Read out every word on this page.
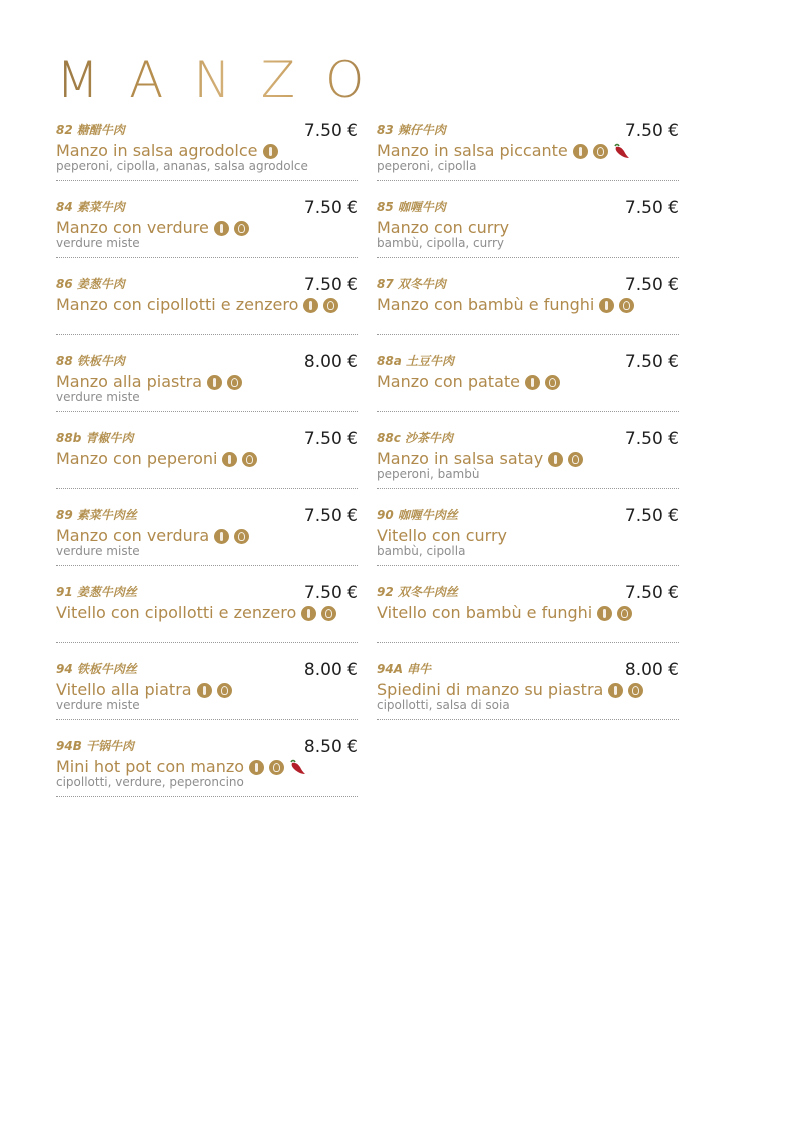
MANZO
82 糖醋牛肉	7.50 €
Manzo in salsa agrodolce
peperoni, cipolla, ananas, salsa agrodolce
84 素菜牛肉	7.50 €
Manzo con verdure
verdure miste
86 姜葱牛肉	7.50 €
Manzo con cipollotti e zenzero
88 铁板牛肉	8.00 €
Manzo alla piastra
verdure miste
88b 青椒牛肉	7.50 €
Manzo con peperoni
89 素菜牛肉丝	7.50 €
Manzo con verdura
verdure miste
91 姜葱牛肉丝	7.50 €
Vitello con cipollotti e zenzero
94 铁板牛肉丝	8.00 €
Vitello alla piatra
verdure miste
94B 干锅牛肉	8.50 €
Mini hot pot con manzo
cipollotti, verdure, peperoncino
83 辣仔牛肉	7.50 €
Manzo in salsa piccante
peperoni, cipolla
85 咖喱牛肉	7.50 €
Manzo con curry
bambù, cipolla, curry
87 双冬牛肉	7.50 €
Manzo con bambù e funghi
88a 土豆牛肉	7.50 €
Manzo con patate
88c 沙茶牛肉	7.50 €
Manzo in salsa satay
peperoni, bambù
90 咖喱牛肉丝	7.50 €
Vitello con curry
bambù, cipolla
92 双冬牛肉丝	7.50 €
Vitello con bambù e funghi
94A 串牛	8.00 €
Spiedini di manzo su piastra
cipollotti, salsa di soia
